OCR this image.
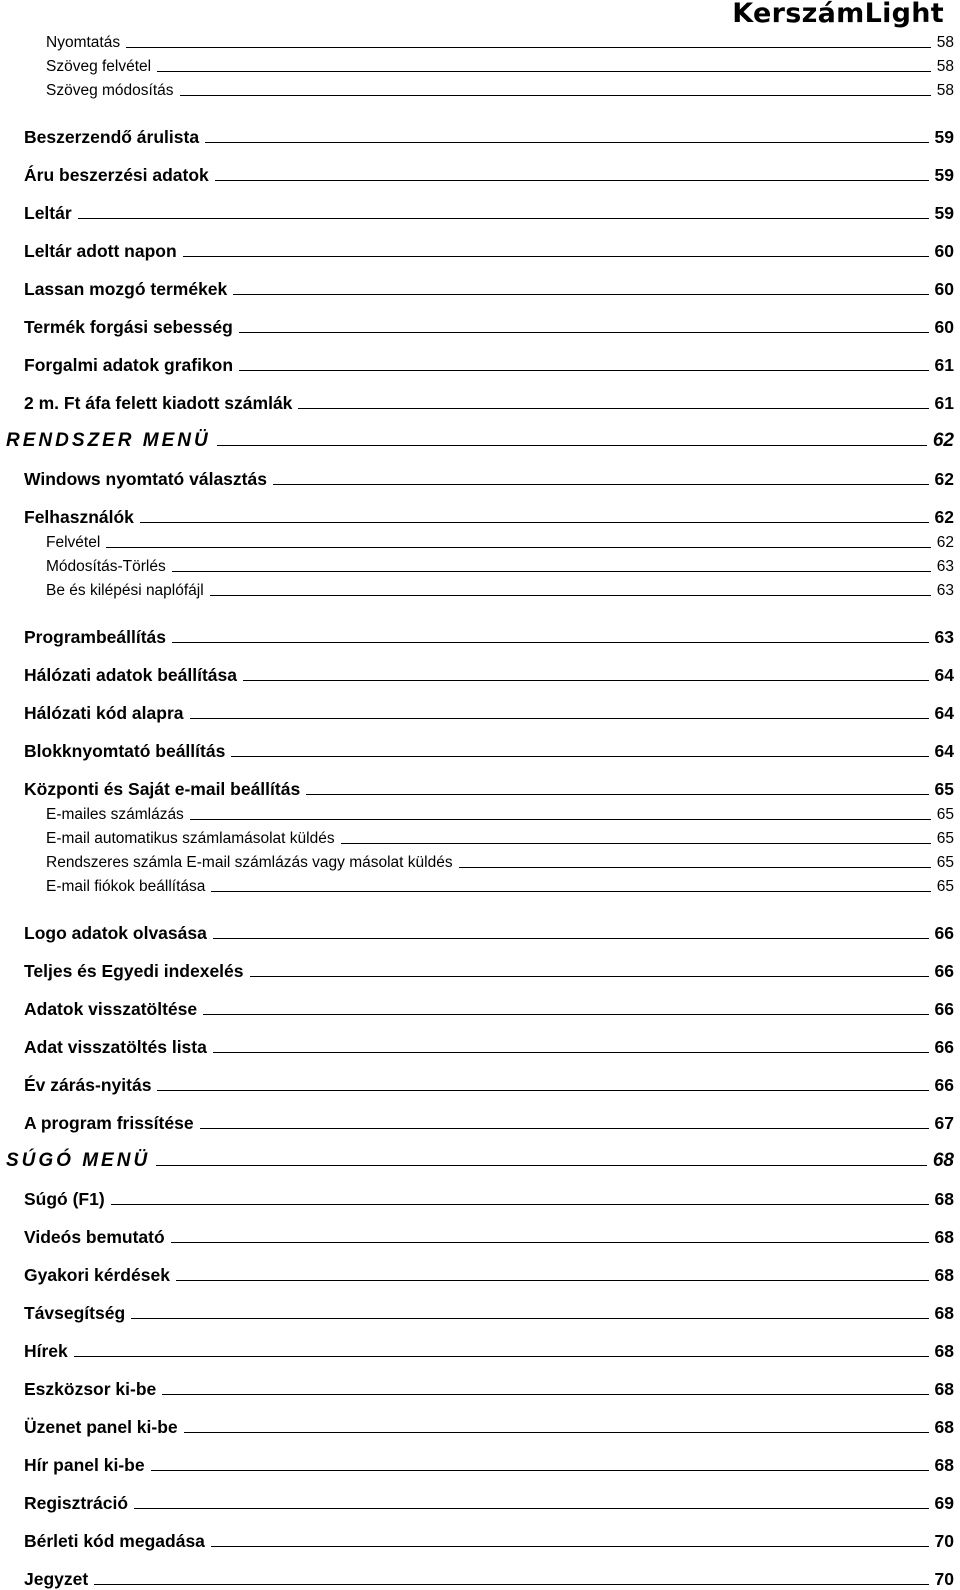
KerszámLight
Nyomtatás	58
Szöveg felvétel	58
Szöveg módosítás	58
Beszerzendő árulista	59
Áru beszerzési adatok	59
Leltár	59
Leltár adott napon	60
Lassan mozgó termékek	60
Termék forgási sebesség	60
Forgalmi adatok grafikon	61
2 m. Ft áfa felett kiadott számlák	61
RENDSZER MENÜ	62
Windows nyomtató választás	62
Felhasználók	62
Felvétel	62
Módosítás-Törlés	63
Be és kilépési naplófájl	63
Programbeállítás	63
Hálózati adatok beállítása	64
Hálózati kód alapra	64
Blokknyomtató beállítás	64
Központi és Saját e-mail beállítás	65
E-mailes számlázás	65
E-mail automatikus számlamásolat küldés	65
Rendszeres számla E-mail számlázás vagy másolat küldés	65
E-mail fiókok beállítása	65
Logo adatok olvasása	66
Teljes és Egyedi indexelés	66
Adatok visszatöltése	66
Adat visszatöltés lista	66
Év zárás-nyitás	66
A program frissítése	67
SÚGÓ MENÜ	68
Súgó (F1)	68
Videós bemutató	68
Gyakori kérdések	68
Távsegítség	68
Hírek	68
Eszközsor ki-be	68
Üzenet panel ki-be	68
Hír panel ki-be	68
Regisztráció	69
Bérleti kód megadása	70
Jegyzet	70
